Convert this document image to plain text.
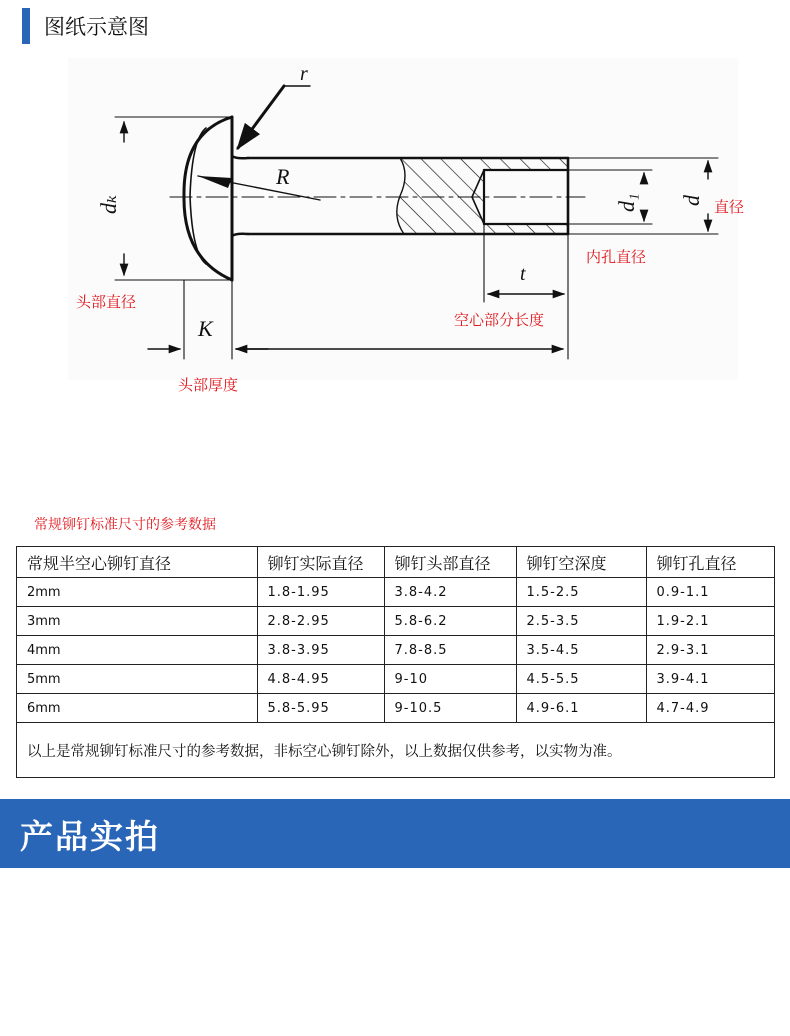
图纸示意图
r
R
dₖ	d₁ d
t
K
直径
内孔直径
头部直径
空心部分长度
头部厚度
常规铆钉标准尺寸的参考数据
常规半空心铆钉直径	铆钉实际直径	铆钉头部直径	铆钉空深度	铆钉孔直径
2mm	1.8-1.95	3.8-4.2	1.5-2.5	0.9-1.1
3mm	2.8-2.95	5.8-6.2	2.5-3.5	1.9-2.1
4mm	3.8-3.95	7.8-8.5	3.5-4.5	2.9-3.1
5mm	4.8-4.95	9-10	4.5-5.5	3.9-4.1
6mm	5.8-5.95	9-10.5	4.9-6.1	4.7-4.9
以上是常规铆钉标准尺寸的参考数据，非标空心铆钉除外，以上数据仅供参考，以实物为准。
产品实拍
